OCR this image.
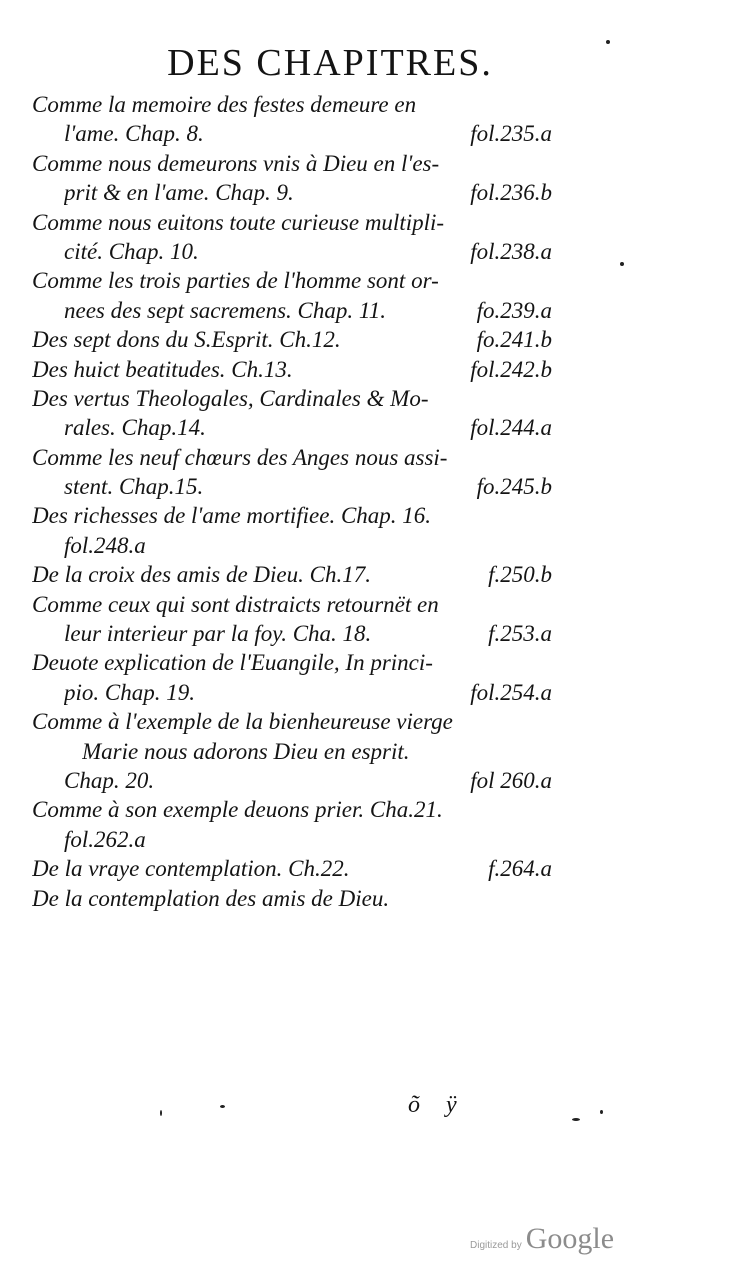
DES CHAPITRES.
Comme la memoire des festes demeure en
l'ame. Chap. 8.	fol.235.a
Comme nous demeurons vnis à Dieu en l'es-
prit & en l'ame. Chap. 9.	fol.236.b
Comme nous euitons toute curieuse multipli-
cité. Chap. 10.	fol.238.a
Comme les trois parties de l'homme sont or-
nees des sept sacremens. Chap. 11.	fo.239.a
Des sept dons du S.Esprit. Ch.12.	fo.241.b
Des huict beatitudes. Ch.13.	fol.242.b
Des vertus Theologales, Cardinales & Mo-
rales. Chap.14.	fol.244.a
Comme les neuf chœurs des Anges nous assi-
stent. Chap.15.	fo.245.b
Des richesses de l'ame mortifiee. Chap. 16.
fol.248.a
De la croix des amis de Dieu. Ch.17.	f.250.b
Comme ceux qui sont distraicts retournët en
leur interieur par la foy. Cha. 18.	f.253.a
Deuote explication de l'Euangile, In princi-
pio. Chap. 19.	fol.254.a
Comme à l'exemple de la bienheureuse vierge
Marie nous adorons Dieu en esprit.
Chap. 20.	fol 260.a
Comme à son exemple deuons prier. Cha.21.
fol.262.a
De la vraye contemplation. Ch.22.	f.264.a
De la contemplation des amis de Dieu.
õ ÿ
Digitized by Google
